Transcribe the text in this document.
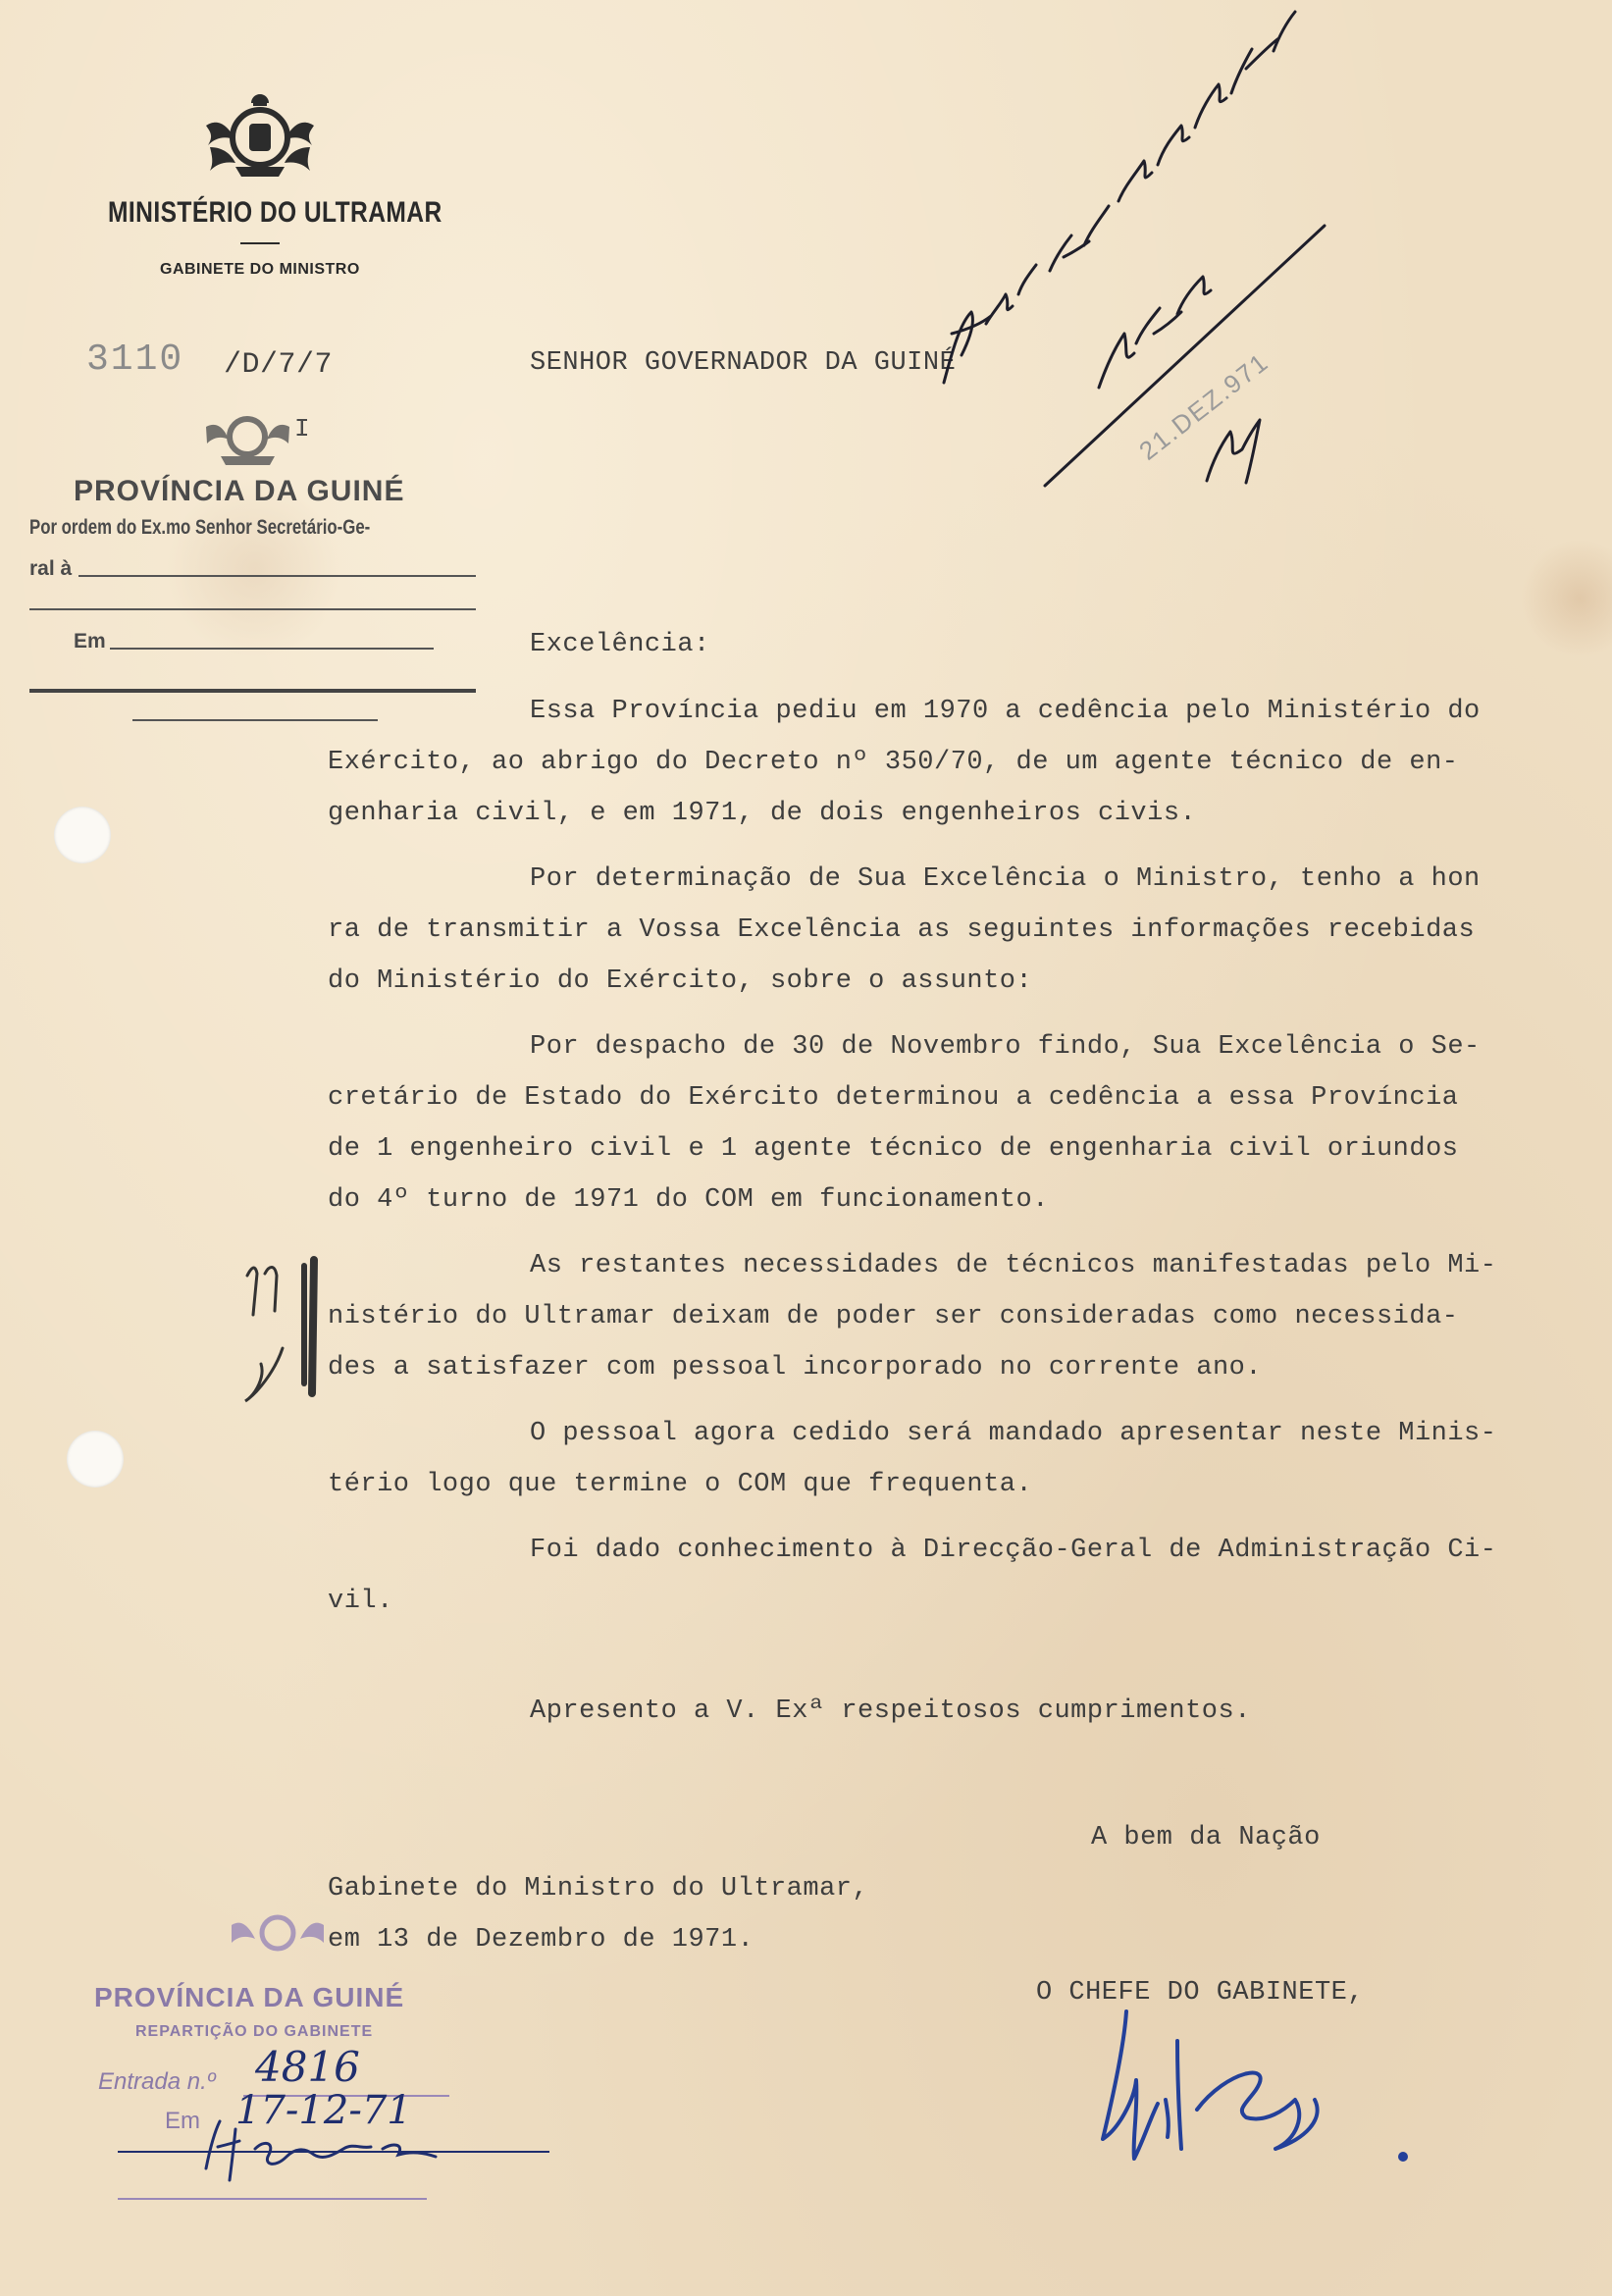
MINISTÉRIO DO ULTRAMAR
GABINETE DO MINISTRO
3110 /D/7/7
I
PROVÍNCIA DA GUINÉ
Por ordem do Ex.mo Senhor Secretário-Ge-
ral à
Em
SENHOR GOVERNADOR DA GUINÉ	21.DEZ.971
Excelência:
Essa Província pediu em 1970 a cedência pelo Ministério do
Exército, ao abrigo do Decreto nº 350/70, de um agente técnico de en-
genharia civil, e em 1971, de dois engenheiros civis.
Por determinação de Sua Excelência o Ministro, tenho a hon
ra de transmitir a Vossa Excelência as seguintes informações recebidas
do Ministério do Exército, sobre o assunto:
Por despacho de 30 de Novembro findo, Sua Excelência o Se-
cretário de Estado do Exército determinou a cedência a essa Província
de 1 engenheiro civil e 1 agente técnico de engenharia civil oriundos
do 4º turno de 1971 do COM em funcionamento.
As restantes necessidades de técnicos manifestadas pelo Mi-
nistério do Ultramar deixam de poder ser consideradas como necessida-
des a satisfazer com pessoal incorporado no corrente ano.
O pessoal agora cedido será mandado apresentar neste Minis-
tério logo que termine o COM que frequenta.
Foi dado conhecimento à Direcção-Geral de Administração Ci-
vil.
Apresento a V. Exª respeitosos cumprimentos.
A bem da Nação
Gabinete do Ministro do Ultramar,
em 13 de Dezembro de 1971.
O CHEFE DO GABINETE,
PROVÍNCIA DA GUINÉ
REPARTIÇÃO DO GABINETE
Entrada n.º 4816
Em 17-12-71
